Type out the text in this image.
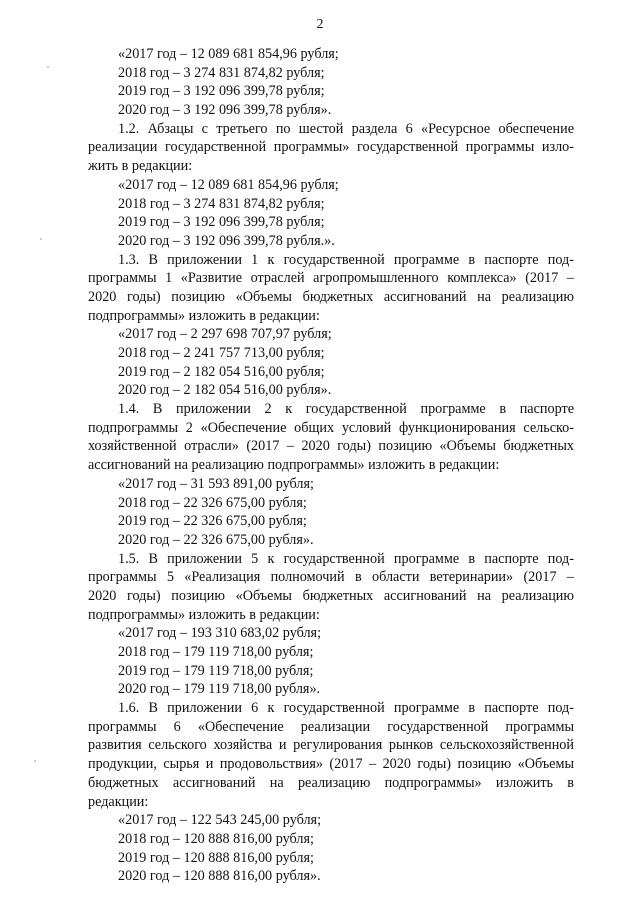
2
«2017 год – 12 089 681 854,96 рубля;
2018 год – 3 274 831 874,82 рубля;
2019 год – 3 192 096 399,78 рубля;
2020 год – 3 192 096 399,78 рубля».
1.2. Абзацы с третьего по шестой раздела 6 «Ресурсное обеспечение
реализации государственной программы» государственной программы изло-
жить в редакции:
«2017 год – 12 089 681 854,96 рубля;
2018 год – 3 274 831 874,82 рубля;
2019 год – 3 192 096 399,78 рубля;
2020 год – 3 192 096 399,78 рубля.».
1.3. В приложении 1 к государственной программе в паспорте под-
программы 1 «Развитие отраслей агропромышленного комплекса» (2017 –
2020 годы) позицию «Объемы бюджетных ассигнований на реализацию
подпрограммы» изложить в редакции:
«2017 год – 2 297 698 707,97 рубля;
2018 год – 2 241 757 713,00 рубля;
2019 год – 2 182 054 516,00 рубля;
2020 год – 2 182 054 516,00 рубля».
1.4. В приложении 2 к государственной программе в паспорте
подпрограммы 2 «Обеспечение общих условий функционирования сельско-
хозяйственной отрасли» (2017 – 2020 годы) позицию «Объемы бюджетных
ассигнований на реализацию подпрограммы» изложить в редакции:
«2017 год – 31 593 891,00 рубля;
2018 год – 22 326 675,00 рубля;
2019 год – 22 326 675,00 рубля;
2020 год – 22 326 675,00 рубля».
1.5. В приложении 5 к государственной программе в паспорте под-
программы 5 «Реализация полномочий в области ветеринарии» (2017 –
2020 годы) позицию «Объемы бюджетных ассигнований на реализацию
подпрограммы» изложить в редакции:
«2017 год – 193 310 683,02 рубля;
2018 год – 179 119 718,00 рубля;
2019 год – 179 119 718,00 рубля;
2020 год – 179 119 718,00 рубля».
1.6. В приложении 6 к государственной программе в паспорте под-
программы 6 «Обеспечение реализации государственной программы
развития сельского хозяйства и регулирования рынков сельскохозяйственной
продукции, сырья и продовольствия» (2017 – 2020 годы) позицию «Объемы
бюджетных ассигнований на реализацию подпрограммы» изложить в
редакции:
«2017 год – 122 543 245,00 рубля;
2018 год – 120 888 816,00 рубля;
2019 год – 120 888 816,00 рубля;
2020 год – 120 888 816,00 рубля».
